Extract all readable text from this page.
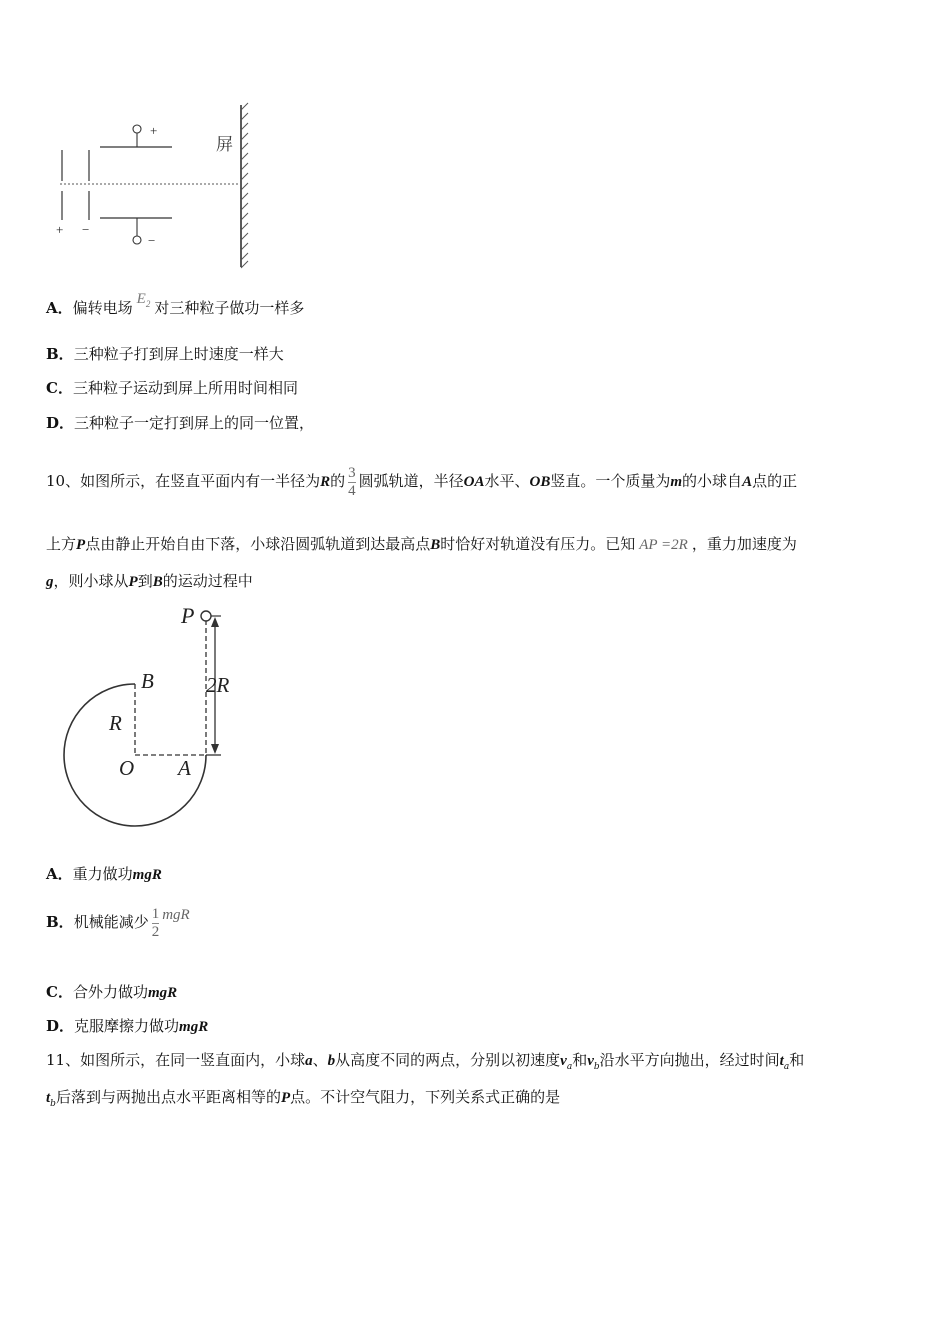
+
−
+ −
屏
A．偏转电场 $E_2$ 对三种粒子做功一样多
B．三种粒子打到屏上时速度一样大
C．三种粒子运动到屏上所用时间相同
D．三种粒子一定打到屏上的同一位置，
10、如图所示，在竖直平面内有一半径为R的 $\frac{3}{4}$ 圆弧轨道，半径OA水平、OB竖直。一个质量为m的小球自A点的正
上方P点由静止开始自由下落，小球沿圆弧轨道到达最高点B时恰好对轨道没有压力。已知 AP =2R ，重力加速度为
g，则小球从P到B的运动过程中
P
B
R
O A
2R
A．重力做功mgR
B．机械能减少 $\frac{1}{2}$ mgR
C．合外力做功mgR
D．克服摩擦力做功mgR
11、如图所示，在同一竖直面内，小球a、b从高度不同的两点，分别以初速度$v_a$和$v_b$沿水平方向抛出，经过时间$t_a$和
$t_b$后落到与两抛出点水平距离相等的P点。不计空气阻力，下列关系式正确的是
